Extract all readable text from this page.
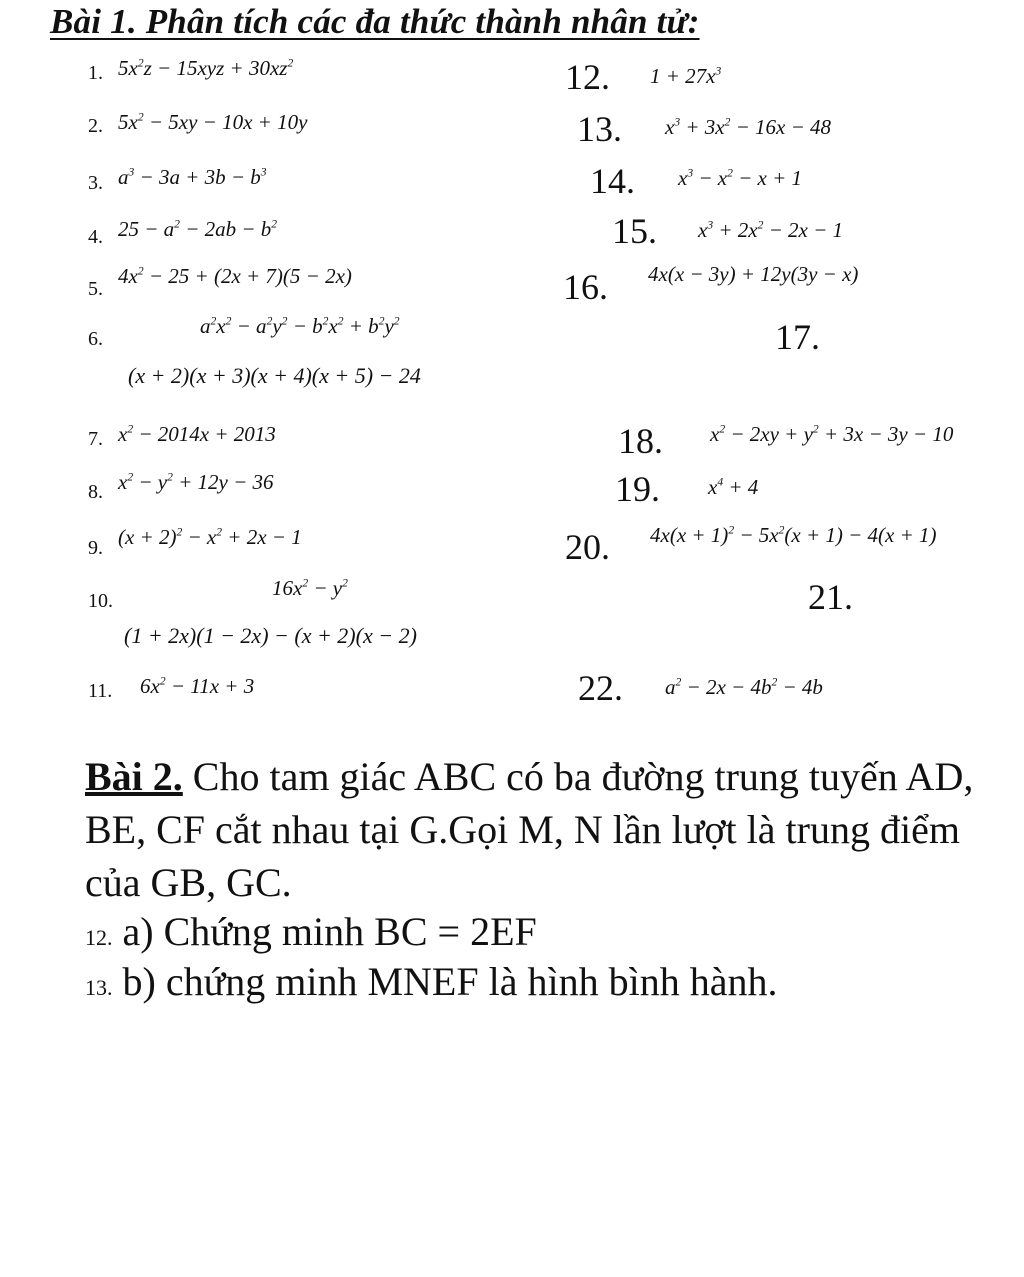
Bài 1. Phân tích các đa thức thành nhân tử:
1. $5x^2z - 15xyz + 30xz^2$
2. $5x^2 - 5xy - 10x + 10y$
3. $a^3 - 3a + 3b - b^3$
4. $25 - a^2 - 2ab - b^2$
5.
$4x^2 - 25 + (2x + 7)(5 - 2x)$
6.
$a^2x^2 - a^2y^2 - b^2x^2 + b^2y^2$
(x + 2)(x + 3)(x + 4)(x + 5) − 24
7. $x^2 - 2014x + 2013$
8. $x^2 - y^2 + 12y - 36$
9. $(x + 2)^2 - x^2 + 2x - 1$
10.
$16x^2 - y^2$
(1 + 2x)(1 − 2x) − (x + 2)(x − 2)
11. $6x^2 - 11x + 3$
12. $1 + 27x^3$
13. $x^3 + 3x^2 - 16x - 48$
14. $x^3 - x^2 - x + 1$
15. $x^3 + 2x^2 - 2x - 1$
16. 4x(x − 3y) + 12y(3y − x)
17.
18. $x^2 - 2xy + y^2 + 3x - 3y - 10$
19. $x^4 + 4$
20. $4x(x + 1)^2 - 5x^2(x + 1) - 4(x + 1)$
21.
22. $a^2 - 2x - 4b^2 - 4b$
Bài 2. Cho tam giác ABC có ba đường trung tuyến AD, BE, CF cắt nhau tại G.Gọi M, N lần lượt là trung điểm của GB, GC.
12. a) Chứng minh BC = 2EF
13. b) chứng minh MNEF là hình bình hành.
